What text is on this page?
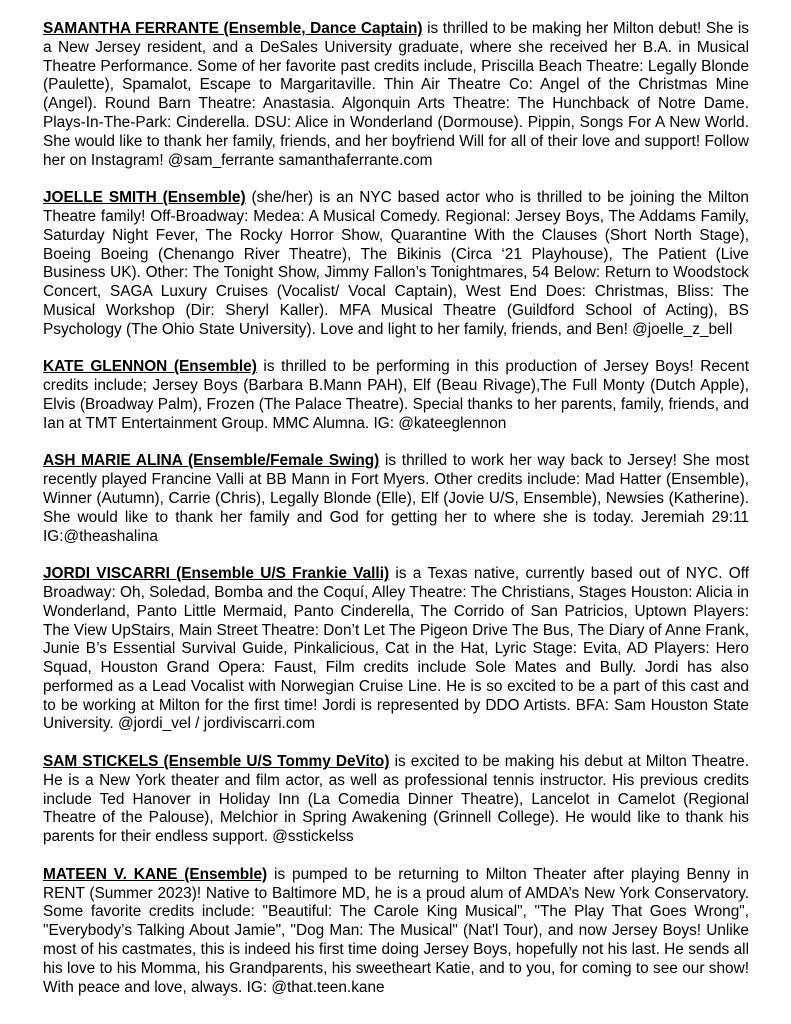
SAMANTHA FERRANTE (Ensemble, Dance Captain) is thrilled to be making her Milton debut! She is a New Jersey resident, and a DeSales University graduate, where she received her B.A. in Musical Theatre Performance. Some of her favorite past credits include, Priscilla Beach Theatre: Legally Blonde (Paulette), Spamalot, Escape to Margaritaville. Thin Air Theatre Co: Angel of the Christmas Mine (Angel). Round Barn Theatre: Anastasia. Algonquin Arts Theatre: The Hunchback of Notre Dame. Plays-In-The-Park: Cinderella. DSU: Alice in Wonderland (Dormouse). Pippin, Songs For A New World. She would like to thank her family, friends, and her boyfriend Will for all of their love and support! Follow her on Instagram! @sam_ferrante samanthaferrante.com

JOELLE SMITH (Ensemble) (she/her) is an NYC based actor who is thrilled to be joining the Milton Theatre family! Off-Broadway: Medea: A Musical Comedy. Regional: Jersey Boys, The Addams Family, Saturday Night Fever, The Rocky Horror Show, Quarantine With the Clauses (Short North Stage), Boeing Boeing (Chenango River Theatre), The Bikinis (Circa ‘21 Playhouse), The Patient (Live Business UK). Other: The Tonight Show, Jimmy Fallon’s Tonightmares, 54 Below: Return to Woodstock Concert, SAGA Luxury Cruises (Vocalist/ Vocal Captain), West End Does: Christmas, Bliss: The Musical Workshop (Dir: Sheryl Kaller). MFA Musical Theatre (Guildford School of Acting), BS Psychology (The Ohio State University). Love and light to her family, friends, and Ben! @joelle_z_bell

KATE GLENNON (Ensemble) is thrilled to be performing in this production of Jersey Boys! Recent credits include; Jersey Boys (Barbara B.Mann PAH), Elf (Beau Rivage),The Full Monty (Dutch Apple), Elvis (Broadway Palm), Frozen (The Palace Theatre). Special thanks to her parents, family, friends, and Ian at TMT Entertainment Group. MMC Alumna. IG: @kateeglennon

ASH MARIE ALINA (Ensemble/Female Swing) is thrilled to work her way back to Jersey! She most recently played Francine Valli at BB Mann in Fort Myers. Other credits include: Mad Hatter (Ensemble), Winner (Autumn), Carrie (Chris), Legally Blonde (Elle), Elf (Jovie U/S, Ensemble), Newsies (Katherine). She would like to thank her family and God for getting her to where she is today. Jeremiah 29:11 IG:@theashalina

JORDI VISCARRI (Ensemble U/S Frankie Valli) is a Texas native, currently based out of NYC. Off Broadway: Oh, Soledad, Bomba and the Coquí, Alley Theatre: The Christians, Stages Houston: Alicia in Wonderland, Panto Little Mermaid, Panto Cinderella, The Corrido of San Patricios, Uptown Players: The View UpStairs, Main Street Theatre: Don’t Let The Pigeon Drive The Bus, The Diary of Anne Frank, Junie B’s Essential Survival Guide, Pinkalicious, Cat in the Hat, Lyric Stage: Evita, AD Players: Hero Squad, Houston Grand Opera: Faust, Film credits include Sole Mates and Bully. Jordi has also performed as a Lead Vocalist with Norwegian Cruise Line. He is so excited to be a part of this cast and to be working at Milton for the first time! Jordi is represented by DDO Artists. BFA: Sam Houston State University. @jordi_vel / jordiviscarri.com

SAM STICKELS (Ensemble U/S Tommy DeVito) is excited to be making his debut at Milton Theatre. He is a New York theater and film actor, as well as professional tennis instructor. His previous credits include Ted Hanover in Holiday Inn (La Comedia Dinner Theatre), Lancelot in Camelot (Regional Theatre of the Palouse), Melchior in Spring Awakening (Grinnell College). He would like to thank his parents for their endless support. @sstickelss

MATEEN V. KANE (Ensemble) is pumped to be returning to Milton Theater after playing Benny in RENT (Summer 2023)! Native to Baltimore MD, he is a proud alum of AMDA’s New York Conservatory. Some favorite credits include: "Beautiful: The Carole King Musical", "The Play That Goes Wrong", "Everybody’s Talking About Jamie", "Dog Man: The Musical" (Nat'l Tour), and now Jersey Boys! Unlike most of his castmates, this is indeed his first time doing Jersey Boys, hopefully not his last. He sends all his love to his Momma, his Grandparents, his sweetheart Katie, and to you, for coming to see our show! With peace and love, always. IG: @that.teen.kane
